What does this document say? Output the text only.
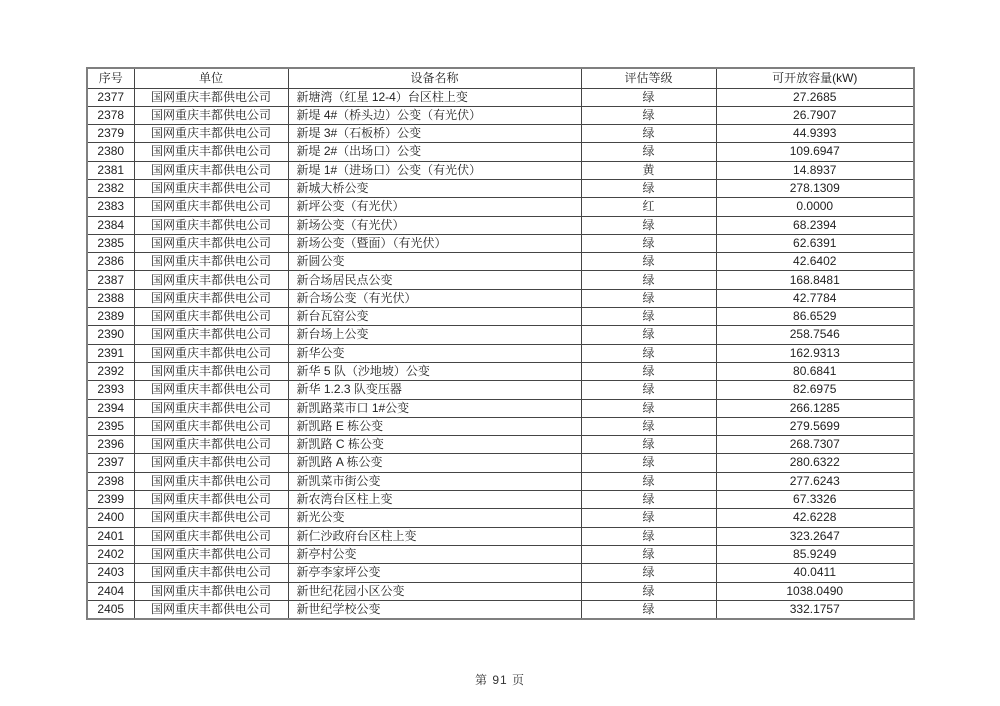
序号	单位	设备名称	评估等级	可开放容量(kW)
2377	国网重庆丰都供电公司	新塘湾（红星 12-4）台区柱上变	绿	27.2685
2378	国网重庆丰都供电公司	新堤 4#（桥头边）公变（有光伏）	绿	26.7907
2379	国网重庆丰都供电公司	新堤 3#（石板桥）公变	绿	44.9393
2380	国网重庆丰都供电公司	新堤 2#（出场口）公变	绿	109.6947
2381	国网重庆丰都供电公司	新堤 1#（进场口）公变（有光伏）	黄	14.8937
2382	国网重庆丰都供电公司	新城大桥公变	绿	278.1309
2383	国网重庆丰都供电公司	新坪公变（有光伏）	红	0.0000
2384	国网重庆丰都供电公司	新场公变（有光伏）	绿	68.2394
2385	国网重庆丰都供电公司	新场公变（暨面）（有光伏）	绿	62.6391
2386	国网重庆丰都供电公司	新圆公变	绿	42.6402
2387	国网重庆丰都供电公司	新合场居民点公变	绿	168.8481
2388	国网重庆丰都供电公司	新合场公变（有光伏）	绿	42.7784
2389	国网重庆丰都供电公司	新台瓦窑公变	绿	86.6529
2390	国网重庆丰都供电公司	新台场上公变	绿	258.7546
2391	国网重庆丰都供电公司	新华公变	绿	162.9313
2392	国网重庆丰都供电公司	新华 5 队（沙地坡）公变	绿	80.6841
2393	国网重庆丰都供电公司	新华 1.2.3 队变压器	绿	82.6975
2394	国网重庆丰都供电公司	新凯路菜市口 1#公变	绿	266.1285
2395	国网重庆丰都供电公司	新凯路 E 栋公变	绿	279.5699
2396	国网重庆丰都供电公司	新凯路 C 栋公变	绿	268.7307
2397	国网重庆丰都供电公司	新凯路 A 栋公变	绿	280.6322
2398	国网重庆丰都供电公司	新凯菜市街公变	绿	277.6243
2399	国网重庆丰都供电公司	新农湾台区柱上变	绿	67.3326
2400	国网重庆丰都供电公司	新光公变	绿	42.6228
2401	国网重庆丰都供电公司	新仁沙政府台区柱上变	绿	323.2647
2402	国网重庆丰都供电公司	新亭村公变	绿	85.9249
2403	国网重庆丰都供电公司	新亭李家坪公变	绿	40.0411
2404	国网重庆丰都供电公司	新世纪花园小区公变	绿	1038.0490
2405	国网重庆丰都供电公司	新世纪学校公变	绿	332.1757
第 91 页
